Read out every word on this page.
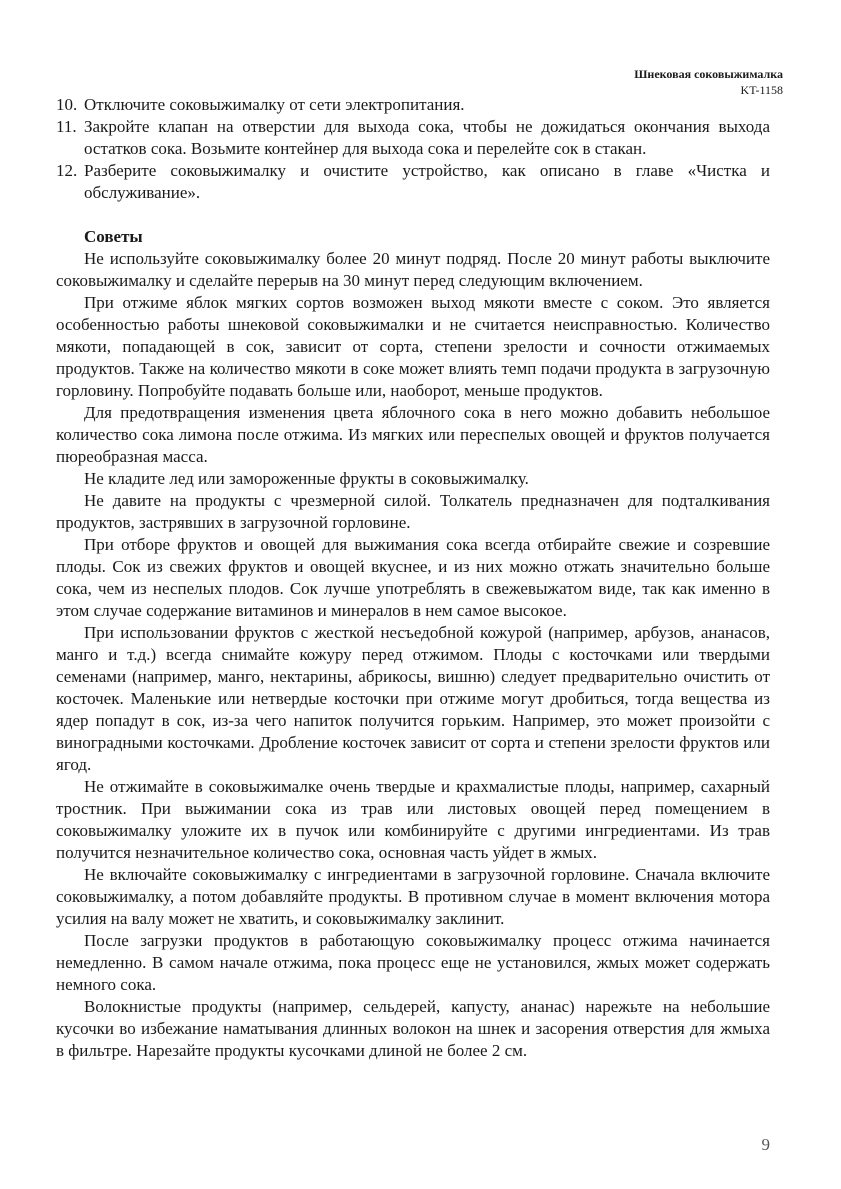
Шнековая соковыжималка
KT-1158
10. Отключите соковыжималку от сети электропитания.
11. Закройте клапан на отверстии для выхода сока, чтобы не дожидаться окончания выхода остатков сока. Возьмите контейнер для выхода сока и перелейте сок в стакан.
12. Разберите соковыжималку и очистите устройство, как описано в главе «Чистка и обслуживание».
Советы

Не используйте соковыжималку более 20 минут подряд. После 20 минут работы выключите соковыжималку и сделайте перерыв на 30 минут перед следующим включением.

При отжиме яблок мягких сортов возможен выход мякоти вместе с соком. Это является особенностью работы шнековой соковыжималки и не считается неисправностью. Количество мякоти, попадающей в сок, зависит от сорта, степени зрелости и сочности отжимаемых продуктов. Также на количество мякоти в соке может влиять темп подачи продукта в загрузочную горловину. Попробуйте подавать больше или, наоборот, меньше продуктов.

Для предотвращения изменения цвета яблочного сока в него можно добавить небольшое количество сока лимона после отжима. Из мягких или переспелых овощей и фруктов получается пюреобразная масса.

Не кладите лед или замороженные фрукты в соковыжималку.

Не давите на продукты с чрезмерной силой. Толкатель предназначен для подталкивания продуктов, застрявших в загрузочной горловине.

При отборе фруктов и овощей для выжимания сока всегда отбирайте свежие и созревшие плоды. Сок из свежих фруктов и овощей вкуснее, и из них можно отжать значительно больше сока, чем из неспелых плодов. Сок лучше употреблять в свежевыжатом виде, так как именно в этом случае содержание витаминов и минералов в нем самое высокое.

При использовании фруктов с жесткой несъедобной кожурой (например, арбузов, ананасов, манго и т.д.) всегда снимайте кожуру перед отжимом. Плоды с косточками или твердыми семенами (например, манго, нектарины, абрикосы, вишню) следует предварительно очистить от косточек. Маленькие или нетвердые косточки при отжиме могут дробиться, тогда вещества из ядер попадут в сок, из-за чего напиток получится горьким. Например, это может произойти с виноградными косточками. Дробление косточек зависит от сорта и степени зрелости фруктов или ягод.

Не отжимайте в соковыжималке очень твердые и крахмалистые плоды, например, сахарный тростник. При выжимании сока из трав или листовых овощей перед помещением в соковыжималку уложите их в пучок или комбинируйте с другими ингредиентами. Из трав получится незначительное количество сока, основная часть уйдет в жмых.

Не включайте соковыжималку с ингредиентами в загрузочной горловине. Сначала включите соковыжималку, а потом добавляйте продукты. В противном случае в момент включения мотора усилия на валу может не хватить, и соковыжималку заклинит.

После загрузки продуктов в работающую соковыжималку процесс отжима начинается немедленно. В самом начале отжима, пока процесс еще не установился, жмых может содержать немного сока.

Волокнистые продукты (например, сельдерей, капусту, ананас) нарежьте на небольшие кусочки во избежание наматывания длинных волокон на шнек и засорения отверстия для жмыха в фильтре. Нарезайте продукты кусочками длиной не более 2 см.

9
